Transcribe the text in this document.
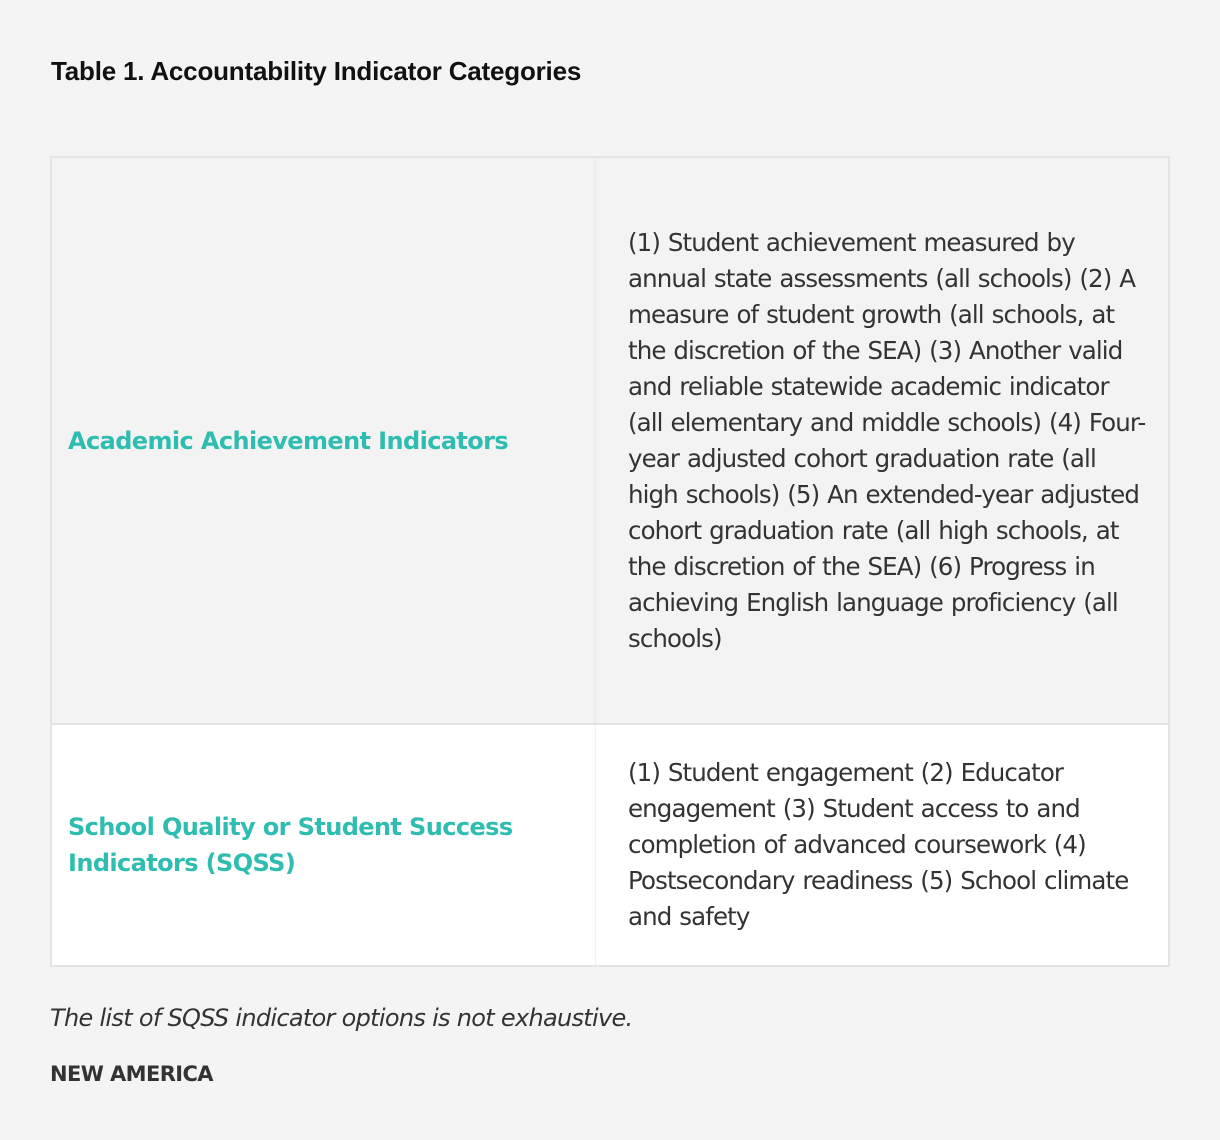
Table 1. Accountability Indicator Categories
Academic Achievement Indicators
(1) Student achievement measured by annual state assessments (all schools) (2) A measure of student growth (all schools, at the discretion of the SEA) (3) Another valid and reliable statewide academic indicator (all elementary and middle schools) (4) Four-year adjusted cohort graduation rate (all high schools) (5) An extended-year adjusted cohort graduation rate (all high schools, at the discretion of the SEA) (6) Progress in achieving English language proficiency (all schools)
School Quality or Student Success Indicators (SQSS)
(1) Student engagement (2) Educator engagement (3) Student access to and completion of advanced coursework (4) Postsecondary readiness (5) School climate and safety
The list of SQSS indicator options is not exhaustive.
NEW AMERICA
